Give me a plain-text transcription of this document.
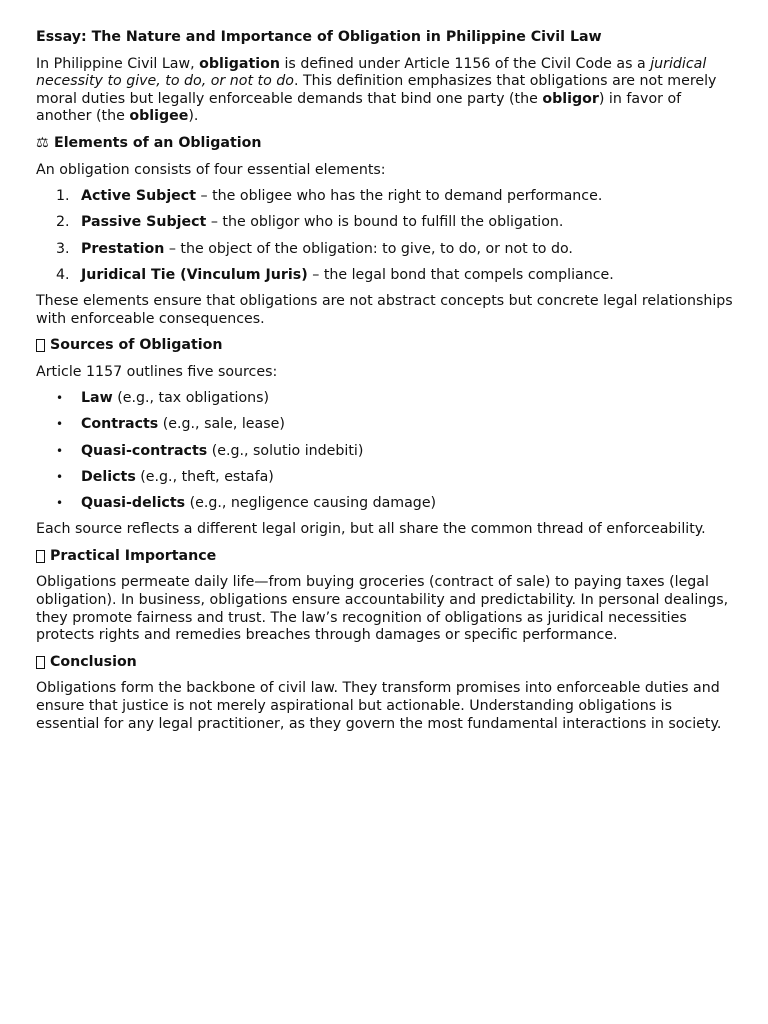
Essay: The Nature and Importance of Obligation in Philippine Civil Law

In Philippine Civil Law, obligation is defined under Article 1156 of the Civil Code as a juridical necessity to give, to do, or not to do. This definition emphasizes that obligations are not merely moral duties but legally enforceable demands that bind one party (the obligor) in favor of another (the obligee).

⚖ Elements of an Obligation

An obligation consists of four essential elements:

1. Active Subject – the obligee who has the right to demand performance.
2. Passive Subject – the obligor who is bound to fulfill the obligation.
3. Prestation – the object of the obligation: to give, to do, or not to do.
4. Juridical Tie (Vinculum Juris) – the legal bond that compels compliance.

These elements ensure that obligations are not abstract concepts but concrete legal relationships with enforceable consequences.

Sources of Obligation

Article 1157 outlines five sources:

• Law (e.g., tax obligations)
• Contracts (e.g., sale, lease)
• Quasi-contracts (e.g., solutio indebiti)
• Delicts (e.g., theft, estafa)
• Quasi-delicts (e.g., negligence causing damage)

Each source reflects a different legal origin, but all share the common thread of enforceability.

Practical Importance

Obligations permeate daily life—from buying groceries (contract of sale) to paying taxes (legal obligation). In business, obligations ensure accountability and predictability. In personal dealings, they promote fairness and trust. The law’s recognition of obligations as juridical necessities protects rights and remedies breaches through damages or specific performance.

Conclusion

Obligations form the backbone of civil law. They transform promises into enforceable duties and ensure that justice is not merely aspirational but actionable. Understanding obligations is essential for any legal practitioner, as they govern the most fundamental interactions in society.
